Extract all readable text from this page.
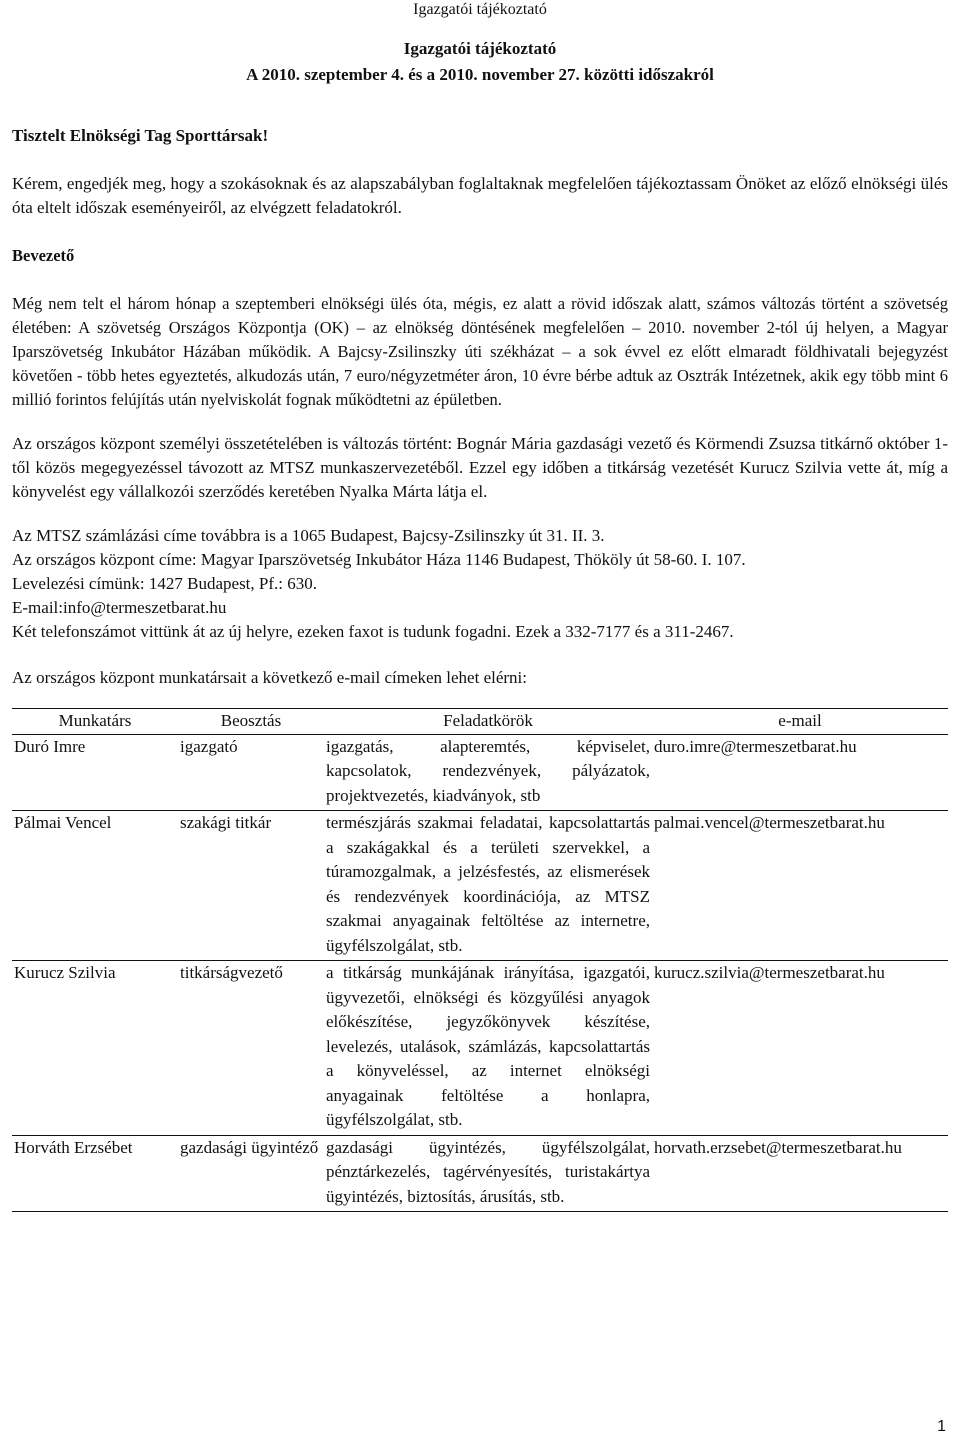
Igazgatói tájékoztató
Igazgatói tájékoztató
A 2010. szeptember 4. és a 2010. november 27. közötti időszakról
Tisztelt Elnökségi Tag Sporttársak!

Kérem, engedjék meg, hogy a szokásoknak és az alapszabályban foglaltaknak megfelelően tájékoztassam Önöket az előző elnökségi ülés óta eltelt időszak eseményeiről, az elvégzett feladatokról.

Bevezető

Még nem telt el három hónap a szeptemberi elnökségi ülés óta, mégis, ez alatt a rövid időszak alatt, számos változás történt a szövetség életében: A szövetség Országos Központja (OK) – az elnökség döntésének megfelelően – 2010. november 2-tól új helyen, a Magyar Iparszövetség Inkubátor Házában működik. A Bajcsy-Zsilinszky úti székházat – a sok évvel ez előtt elmaradt földhivatali bejegyzést követően - több hetes egyeztetés, alkudozás után, 7 euro/négyzetméter áron, 10 évre bérbe adtuk az Osztrák Intézetnek, akik egy több mint 6 millió forintos felújítás után nyelviskolát fognak működtetni az épületben.

Az országos központ személyi összetételében is változás történt: Bognár Mária gazdasági vezető és Körmendi Zsuzsa titkárnő október 1-től közös megegyezéssel távozott az MTSZ munkaszervezetéből. Ezzel egy időben a titkárság vezetését Kurucz Szilvia vette át, míg a könyvelést egy vállalkozói szerződés keretében Nyalka Márta látja el.

Az MTSZ számlázási címe továbbra is a 1065 Budapest, Bajcsy-Zsilinszky út 31. II. 3.

Az országos központ címe: Magyar Iparszövetség Inkubátor Háza 1146 Budapest, Thököly út 58-60. I. 107.

Levelezési címünk: 1427 Budapest, Pf.: 630.

E-mail:info@termeszetbarat.hu

Két telefonszámot vittünk át az új helyre, ezeken faxot is tudunk fogadni. Ezek a 332-7177 és a 311-2467.

Az országos központ munkatársait a következő e-mail címeken lehet elérni:

Munkatárs	Beosztás	Feladatkörök	e-mail
Duró Imre	igazgató	igazgatás, alapteremtés, képviselet, kapcsolatok, rendezvények, pályázatok, projektvezetés, kiadványok, stb	duro.imre@termeszetbarat.hu
Pálmai Vencel	szakági titkár	természjárás szakmai feladatai, kapcsolattartás a szakágakkal és a területi szervekkel, a túramozgalmak, a jelzésfestés, az elismerések és rendezvények koordinációja, az MTSZ szakmai anyagainak feltöltése az internetre, ügyfélszolgálat, stb.	palmai.vencel@termeszetbarat.hu
Kurucz Szilvia	titkárságvezető	a titkárság munkájának irányítása, igazgatói, ügyvezetői, elnökségi és közgyűlési anyagok előkészítése, jegyzőkönyvek készítése, levelezés, utalások, számlázás, kapcsolattartás a könyveléssel, az internet elnökségi anyagainak feltöltése a honlapra, ügyfélszolgálat, stb.	kurucz.szilvia@termeszetbarat.hu
Horváth Erzsébet	gazdasági ügyintéző	gazdasági ügyintézés, ügyfélszolgálat, pénztárkezelés, tagérvényesítés, turistakártya ügyintézés, biztosítás, árusítás, stb.	horvath.erzsebet@termeszetbarat.hu
1
